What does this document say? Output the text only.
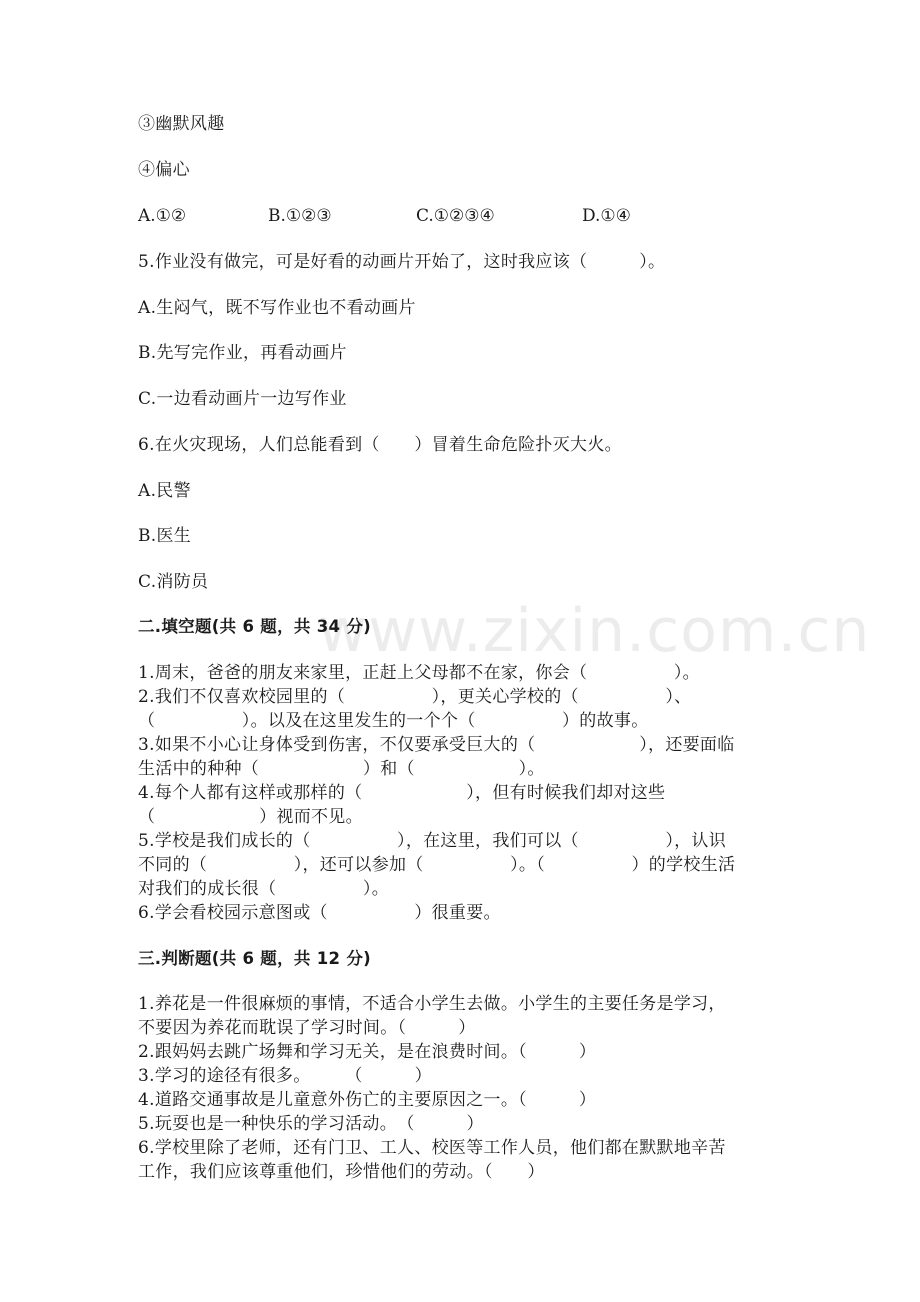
www.zixin.com.cn
③幽默风趣
④偏心
A.①②	B.①②③	C.①②③④	D.①④
5.作业没有做完，可是好看的动画片开始了，这时我应该（　　　）。
A.生闷气，既不写作业也不看动画片
B.先写完作业，再看动画片
C.一边看动画片一边写作业
6.在火灾现场，人们总能看到（　　）冒着生命危险扑灭大火。
A.民警
B.医生
C.消防员
二.填空题(共 6 题，共 34 分)
1.周末，爸爸的朋友来家里，正赶上父母都不在家，你会（　　　　　）。
2.我们不仅喜欢校园里的（　　　　　），更关心学校的（　　　　　）、
（　　　　　）。以及在这里发生的一个个（　　　　　）的故事。
3.如果不小心让身体受到伤害，不仅要承受巨大的（　　　　　　），还要面临
生活中的种种（　　　　　　）和（　　　　　　）。
4.每个人都有这样或那样的（　　　　　　），但有时候我们却对这些
（　　　　　　）视而不见。
5.学校是我们成长的（　　　　　），在这里，我们可以（　　　　　），认识
不同的（　　　　　），还可以参加（　　　　　）。（　　　　　）的学校生活
对我们的成长很（　　　　　）。
6.学会看校园示意图或（　　　　　）很重要。
三.判断题(共 6 题，共 12 分)
1.养花是一件很麻烦的事情，不适合小学生去做。小学生的主要任务是学习，
不要因为养花而耽误了学习时间。（　　　）
2.跟妈妈去跳广场舞和学习无关，是在浪费时间。（　　　）
3.学习的途径有很多。　　　（　　　）
4.道路交通事故是儿童意外伤亡的主要原因之一。（　　　）
5.玩耍也是一种快乐的学习活动。　（　　　）
6.学校里除了老师，还有门卫、工人、校医等工作人员，他们都在默默地辛苦
工作，我们应该尊重他们，珍惜他们的劳动。（　　）
